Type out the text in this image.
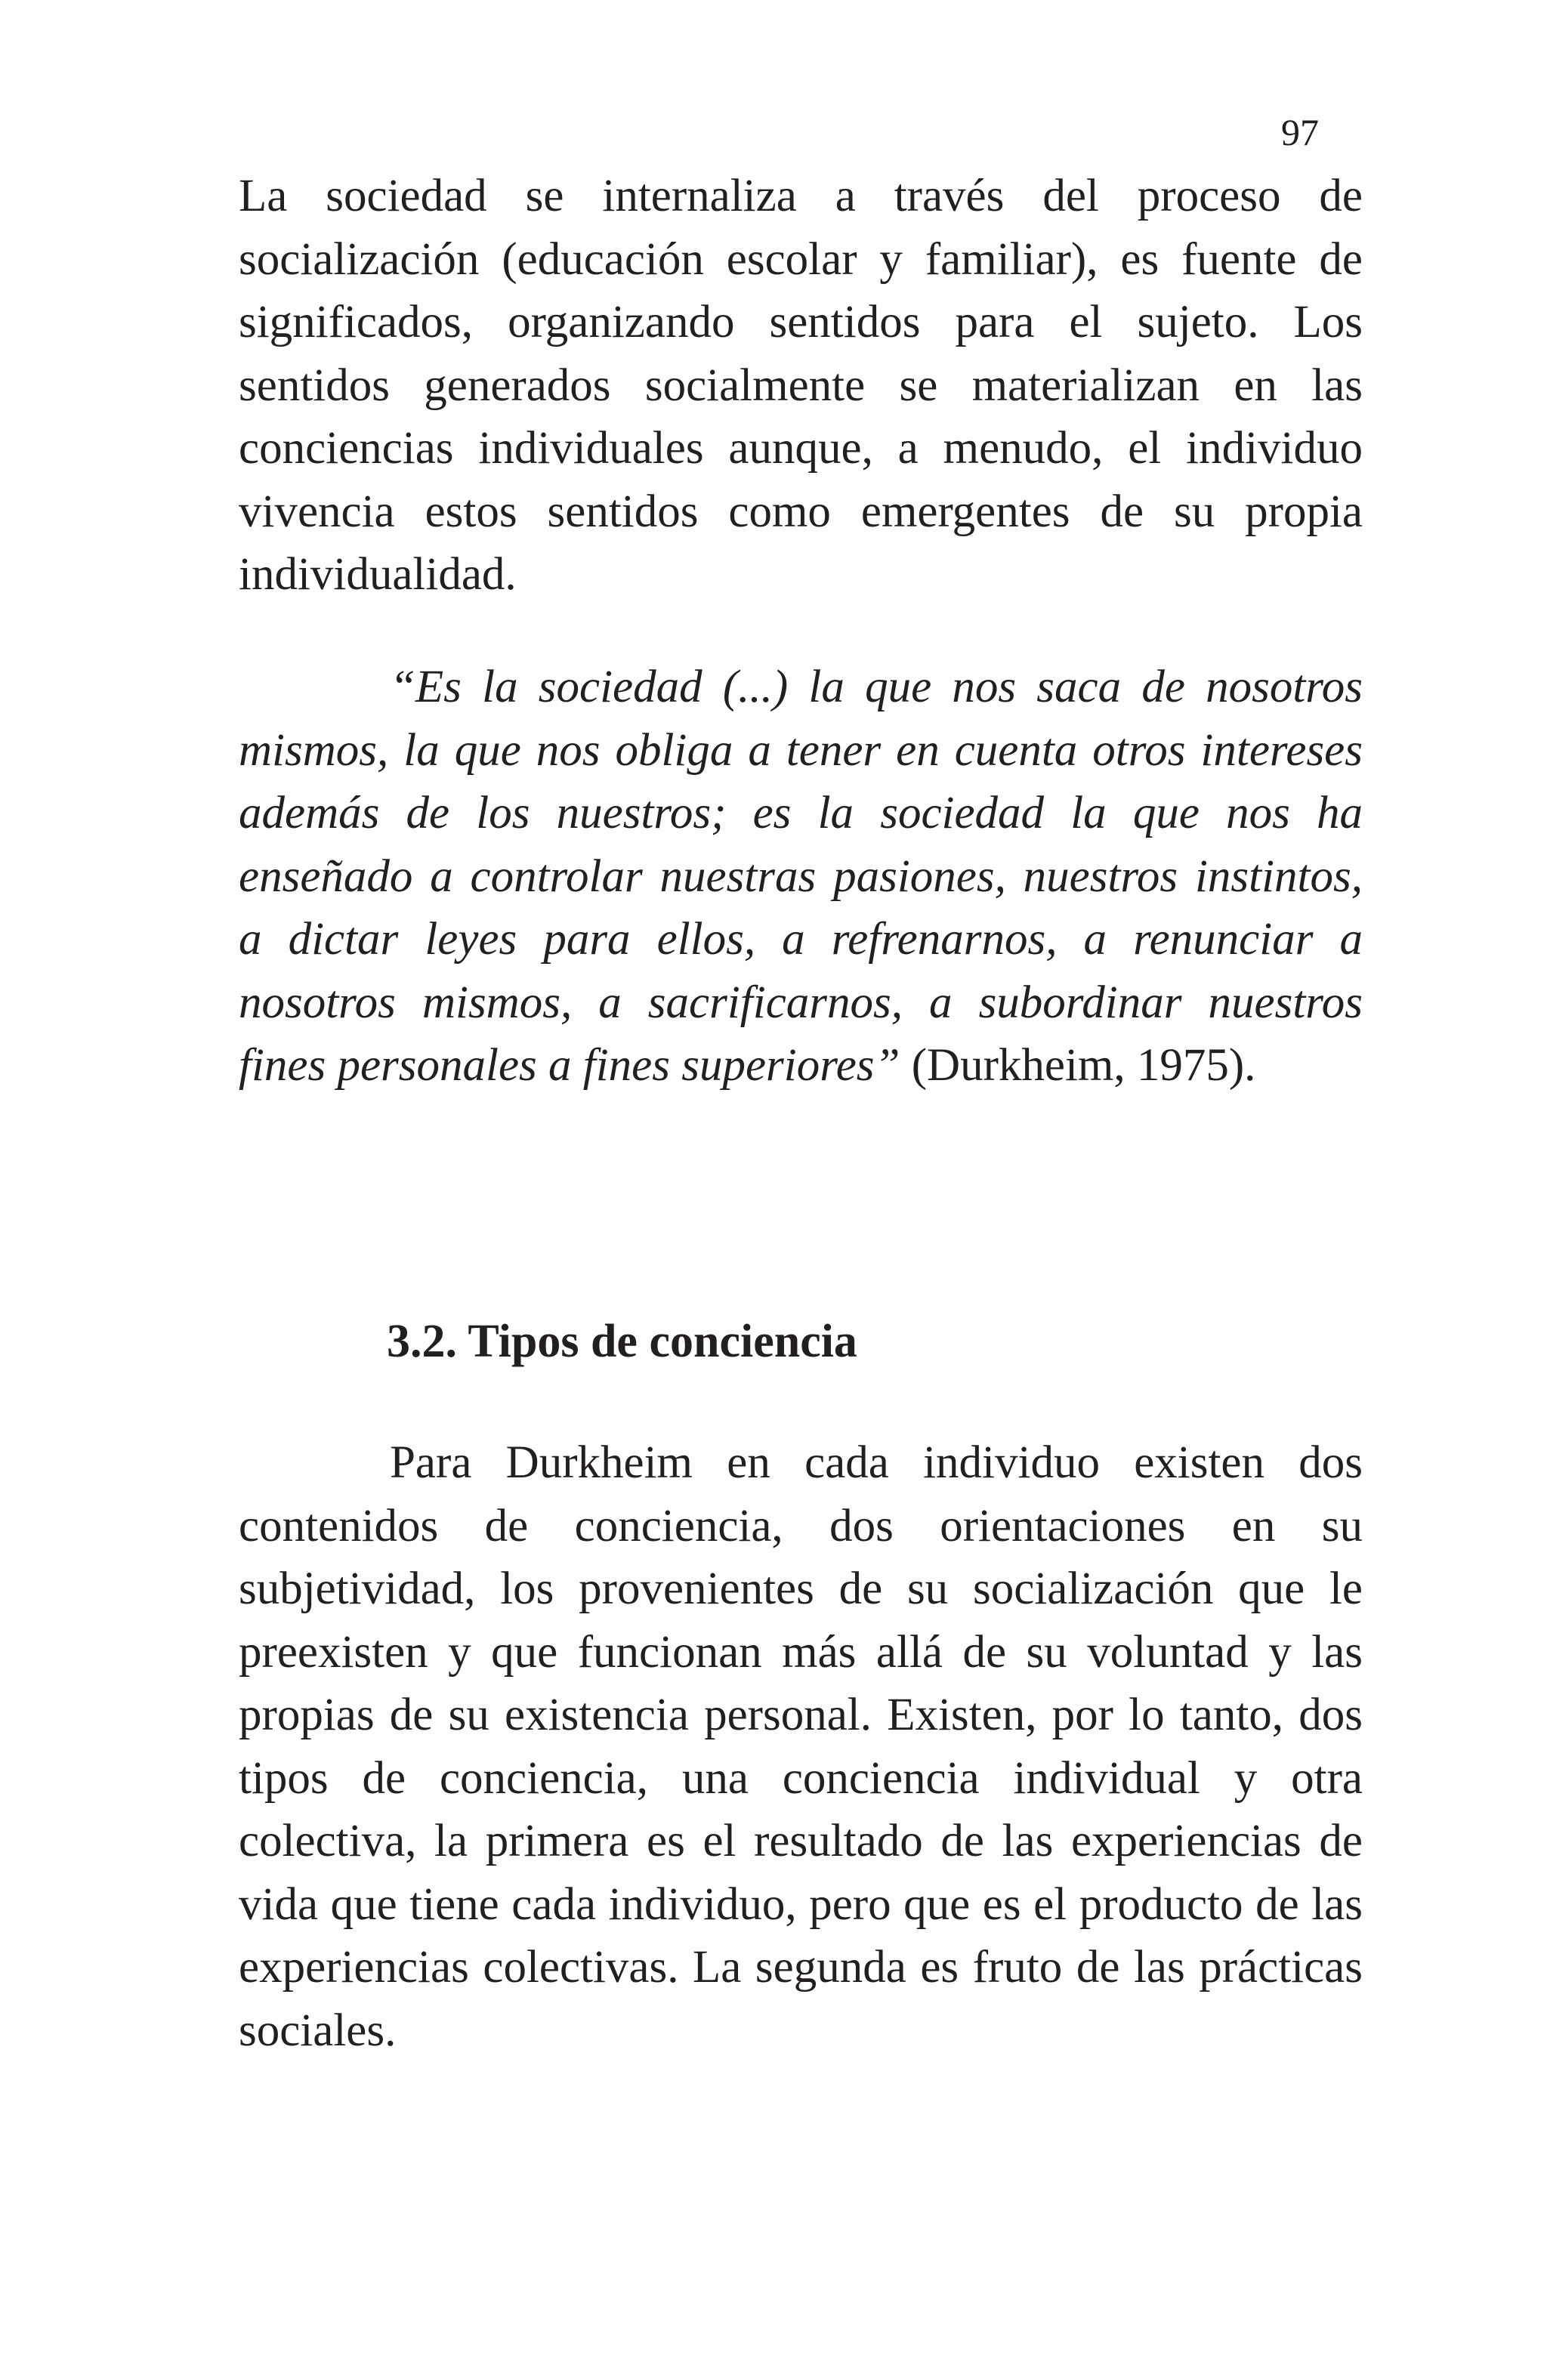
97

La sociedad se internaliza a través del proceso de socialización (educación escolar y familiar), es fuente de significados, organizando sentidos para el sujeto. Los sentidos generados socialmente se materializan en las conciencias individuales aunque, a menudo, el individuo vivencia estos sentidos como emergentes de su propia individualidad.

“Es la sociedad (...) la que nos saca de nosotros mismos, la que nos obliga a tener en cuenta otros intereses además de los nuestros; es la sociedad la que nos ha enseñado a controlar nuestras pasiones, nuestros instintos, a dictar leyes para ellos, a refrenarnos, a renunciar a nosotros mismos, a sacrificarnos, a subordinar nuestros fines personales a fines superiores” (Durkheim, 1975).

3.2. Tipos de conciencia

Para Durkheim en cada individuo existen dos contenidos de conciencia, dos orientaciones en su subjetividad, los provenientes de su socialización que le preexisten y que funcionan más allá de su voluntad y las propias de su existencia personal. Existen, por lo tanto, dos tipos de conciencia, una conciencia individual y otra colectiva, la primera es el resultado de las experiencias de vida que tiene cada individuo, pero que es el producto de las experiencias colectivas. La segunda es fruto de las prácticas sociales.
